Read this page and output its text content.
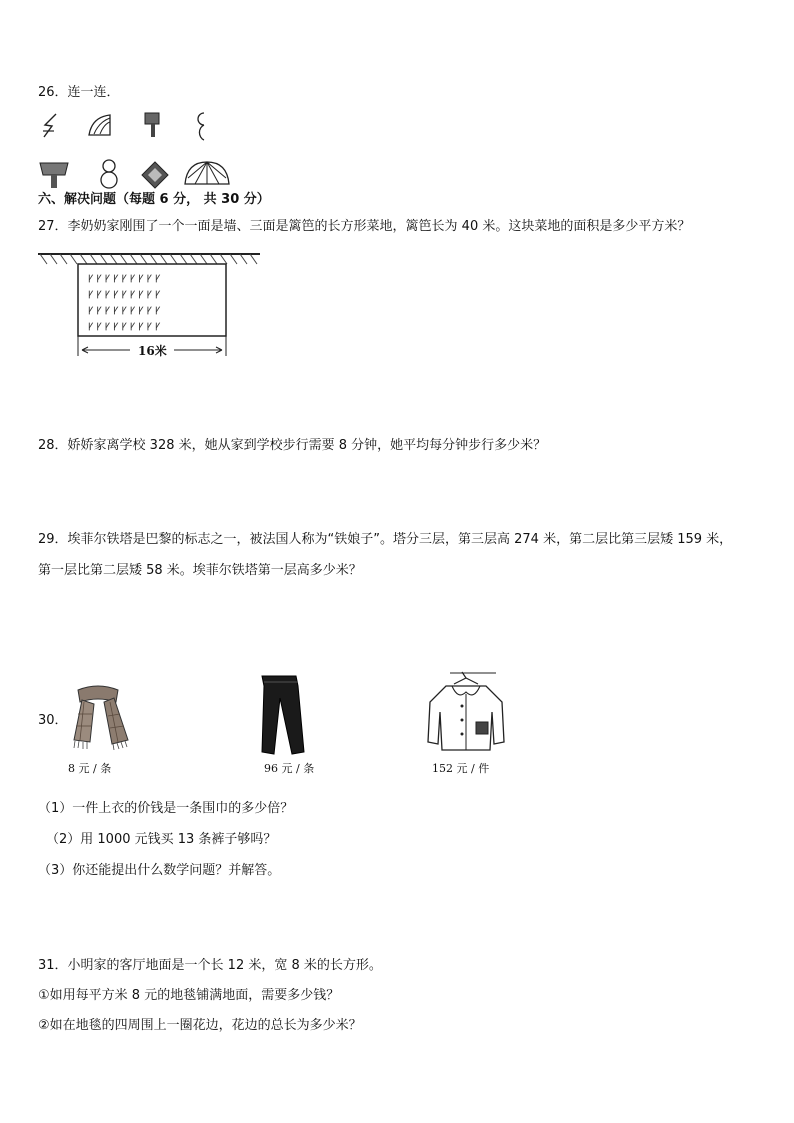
26．连一连．
六、解决问题（每题 6 分， 共 30 分）
27．李奶奶家刚围了一个一面是墙、三面是篱笆的长方形菜地，篱笆长为 40 米。这块菜地的面积是多少平方米？
ꝩ ꝩ ꝩ ꝩ ꝩ ꝩ ꝩ ꝩ ꝩ
ꝩ ꝩ ꝩ ꝩ ꝩ ꝩ ꝩ ꝩ ꝩ
ꝩ ꝩ ꝩ ꝩ ꝩ ꝩ ꝩ ꝩ ꝩ
ꝩ ꝩ ꝩ ꝩ ꝩ ꝩ ꝩ ꝩ ꝩ
16米
28．娇娇家离学校 328 米，她从家到学校步行需要 8 分钟，她平均每分钟步行多少米？
29．埃菲尔铁塔是巴黎的标志之一，被法国人称为“铁娘子”。塔分三层，第三层高 274 米，第二层比第三层矮 159 米，
第一层比第二层矮 58 米。埃菲尔铁塔第一层高多少米？
30．
8 元 / 条	96 元 / 条	152 元 / 件
（1）一件上衣的价钱是一条围巾的多少倍？
（2）用 1000 元钱买 13 条裤子够吗？
（3）你还能提出什么数学问题？并解答。
31．小明家的客厅地面是一个长 12 米，宽 8 米的长方形。
①如用每平方米 8 元的地毯铺满地面，需要多少钱？
②如在地毯的四周围上一圈花边，花边的总长为多少米？
